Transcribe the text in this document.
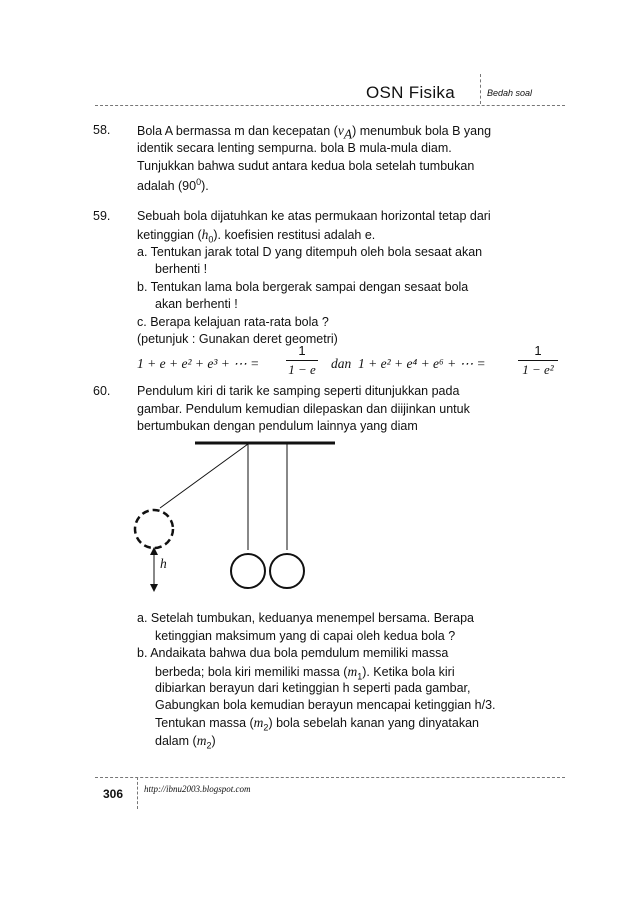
OSN Fisika	Bedah soal
58. Bola A bermassa m dan kecepatan $(v_A)$ menumbuk bola B yang
identik secara lenting sempurna. bola B mula-mula diam.
Tunjukkan bahwa sudut antara kedua bola setelah tumbukan
adalah $(90^0)$.
59. Sebuah bola dijatuhkan ke atas permukaan horizontal tetap dari
ketinggian $(h_0)$. koefisien restitusi adalah e.
a. Tentukan jarak total D yang ditempuh oleh bola sesaat akan
berhenti !
b. Tentukan lama bola bergerak sampai dengan sesaat bola
akan berhenti !
c. Berapa kelajuan rata-rata bola ?
(petunjuk : Gunakan deret geometri)
1 + e + e² + e³ + ⋯ =
1
1 − e	dan 1 + e² + e⁴ + e⁶ + ⋯ =
1
1 − e²
60. Pendulum kiri di tarik ke samping seperti ditunjukkan pada
gambar. Pendulum kemudian dilepaskan dan diijinkan untuk
bertumbukan dengan pendulum lainnya yang diam
h
a. Setelah tumbukan, keduanya menempel bersama. Berapa
ketinggian maksimum yang di capai oleh kedua bola ?
b. Andaikata bahwa dua bola pemdulum memiliki massa
berbeda; bola kiri memiliki massa $(m_1)$. Ketika bola kiri
dibiarkan berayun dari ketinggian h seperti pada gambar,
Gabungkan bola kemudian berayun mencapai ketinggian h/3.
Tentukan massa $(m_2)$ bola sebelah kanan yang dinyatakan
dalam $(m_2)$
306 http://ibnu2003.blogspot.com
